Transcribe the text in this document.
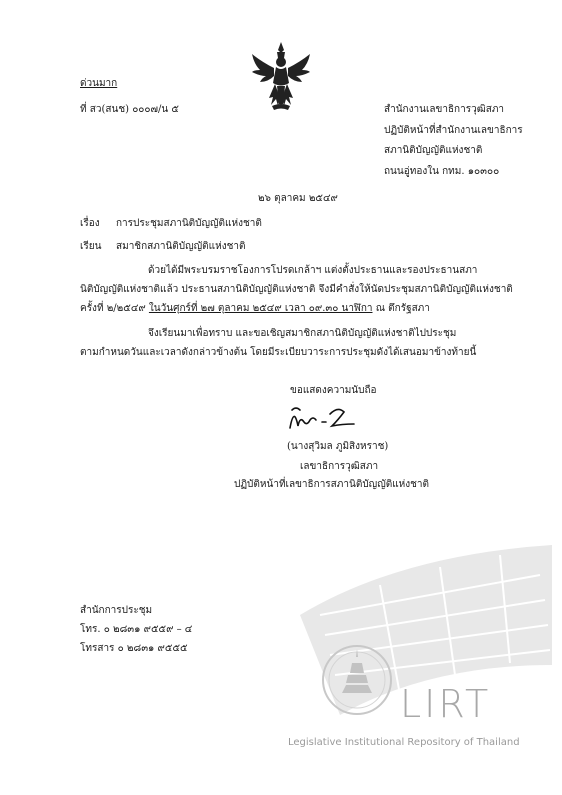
ด่วนมาก
ที่ สว(สนช) ๐๐๐๗/น ๕	สำนักงานเลขาธิการวุฒิสภา
ปฏิบัติหน้าที่สำนักงานเลขาธิการ
สภานิติบัญญัติแห่งชาติ
ถนนอู่ทองใน กทม. ๑๐๓๐๐
๒๖ ตุลาคม ๒๕๔๙
เรื่อง การประชุมสภานิติบัญญัติแห่งชาติ
เรียน สมาชิกสภานิติบัญญัติแห่งชาติ
ด้วยได้มีพระบรมราชโองการโปรดเกล้าฯ แต่งตั้งประธานและรองประธานสภา
นิติบัญญัติแห่งชาติแล้ว ประธานสภานิติบัญญัติแห่งชาติ จึงมีคำสั่งให้นัดประชุมสภานิติบัญญัติแห่งชาติ
ครั้งที่ ๒/๒๕๔๙ ในวันศุกร์ที่ ๒๗ ตุลาคม ๒๕๔๙ เวลา ๐๙.๓๐ นาฬิกา ณ ตึกรัฐสภา
จึงเรียนมาเพื่อทราบ และขอเชิญสมาชิกสภานิติบัญญัติแห่งชาติไปประชุม
ตามกำหนดวันและเวลาดังกล่าวข้างต้น โดยมีระเบียบวาระการประชุมดังได้เสนอมาข้างท้ายนี้
ขอแสดงความนับถือ
(นางสุวิมล ภูมิสิงหราช)
เลขาธิการวุฒิสภา
ปฏิบัติหน้าที่เลขาธิการสภานิติบัญญัติแห่งชาติ
สำนักการประชุม
โทร. ๐ ๒๘๓๑ ๙๕๕๙ – ๔
โทรสาร ๐ ๒๘๓๑ ๙๕๕๕
LIRT
Legislative Institutional Repository of Thailand
